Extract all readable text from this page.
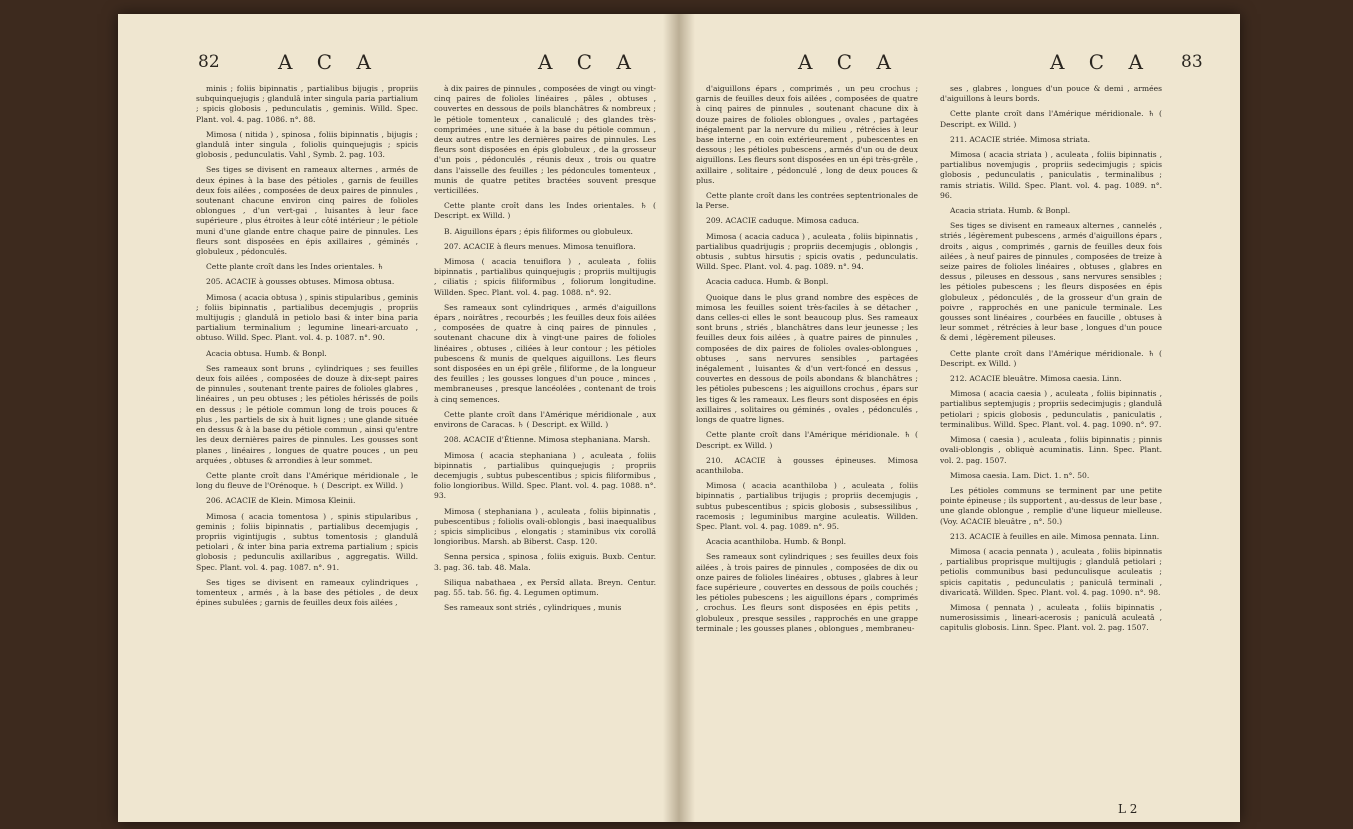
82	A C A	A C A

minis ; foliis bipinnatis , partialibus bijugis , propriis subquinquejugis ; glandulâ inter singula paria partialium ; spicis globosis , pedunculatis , geminis. Willd. Spec. Plant. vol. 4. pag. 1086. n°. 88.

Mimosa ( nitida ) , spinosa , foliis bipinnatis , bijugis ; glandulâ inter singula , foliolis quinquejugis ; spicis globosis , pedunculatis. Vahl , Symb. 2. pag. 103.

Ses tiges se divisent en rameaux alternes , armés de deux épines à la base des pétioles , garnis de feuilles deux fois ailées , composées de deux paires de pinnules , soutenant chacune environ cinq paires de folioles oblongues , d'un vert-gai , luisantes à leur face supérieure , plus étroites à leur côté intérieur ; le pétiole muni d'une glande entre chaque paire de pinnules. Les fleurs sont disposées en épis axillaires , géminés , globuleux , pédonculés.

Cette plante croît dans les Indes orientales. ♄

205. ACACIE à gousses obtuses. Mimosa obtusa.

Mimosa ( acacia obtusa ) , spinis stipularibus , geminis ; foliis bipinnatis , partialibus decemjugis , propriis multijugis ; glandulâ in petiolo basi & inter bina paria partialium terminalium ; legumine lineari-arcuato , obtuso. Willd. Spec. Plant. vol. 4. p. 1087. n°. 90.

Acacia obtusa. Humb. & Bonpl.

Ses rameaux sont bruns , cylindriques ; ses feuilles deux fois ailées , composées de douze à dix-sept paires de pinnules , soutenant trente paires de folioles glabres , linéaires , un peu obtuses ; les pétioles hérissés de poils en dessus ; le pétiole commun long de trois pouces & plus , les partiels de six à huit lignes ; une glande située en dessus & à la base du pétiole commun , ainsi qu'entre les deux dernières paires de pinnules. Les gousses sont planes , linéaires , longues de quatre pouces , un peu arquées , obtuses & arrondies à leur sommet.

Cette plante croît dans l'Amérique méridionale , le long du fleuve de l'Orénoque. ♄ ( Descript. ex Willd. )

206. ACACIE de Klein. Mimosa Kleinii.

Mimosa ( acacia tomentosa ) , spinis stipularibus , geminis ; foliis bipinnatis , partialibus decemjugis , propriis vigintijugis , subtus tomentosis ; glandulâ petiolari , & inter bina paria extrema partialium ; spicis globosis ; pedunculis axillaribus , aggregatis. Willd. Spec. Plant. vol. 4. pag. 1087. n°. 91.

Ses tiges se divisent en rameaux cylindriques , tomenteux , armés , à la base des pétioles , de deux épines subulées ; garnis de feuilles deux fois ailées ,

à dix paires de pinnules , composées de vingt ou vingt-cinq paires de folioles linéaires , pâles , obtuses , couvertes en dessous de poils blanchâtres & nombreux ; le pétiole tomenteux , canaliculé ; des glandes très-comprimées , une située à la base du pétiole commun , deux autres entre les dernières paires de pinnules. Les fleurs sont disposées en épis globuleux , de la grosseur d'un pois , pédonculés , réunis deux , trois ou quatre dans l'aisselle des feuilles ; les pédoncules tomenteux , munis de quatre petites bractées souvent presque verticillées.

Cette plante croît dans les Indes orientales. ♄ ( Descript. ex Willd. )

B. Aiguillons épars ; épis filiformes ou globuleux.

207. ACACIE à fleurs menues. Mimosa tenuiflora.

Mimosa ( acacia tenuiflora ) , aculeata , foliis bipinnatis , partialibus quinquejugis ; propriis multijugis , ciliatis ; spicis filiformibus , foliorum longitudine. Willden. Spec. Plant. vol. 4. pag. 1088. n°. 92.

Ses rameaux sont cylindriques , armés d'aiguillons épars , noirâtres , recourbés ; les feuilles deux fois ailées , composées de quatre à cinq paires de pinnules , soutenant chacune dix à vingt-une paires de folioles linéaires , obtuses , ciliées à leur contour ; les pétioles pubescens & munis de quelques aiguillons. Les fleurs sont disposées en un épi grêle , filiforme , de la longueur des feuilles ; les gousses longues d'un pouce , minces , membraneuses , presque lancéolées , contenant de trois à cinq semences.

Cette plante croît dans l'Amérique méridionale , aux environs de Caracas. ♄ ( Descript. ex Willd. )

208. ACACIE d'Étienne. Mimosa stephaniana. Marsh.

Mimosa ( acacia stephaniana ) , aculeata , foliis bipinnatis , partialibus quinquejugis ; propriis decemjugis , subtus pubescentibus ; spicis filiformibus , folio longioribus. Willd. Spec. Plant. vol. 4. pag. 1088. n°. 93.

Mimosa ( stephaniana ) , aculeata , foliis bipinnatis , pubescentibus ; foliolis ovali-oblongis , basi inaequalibus ; spicis simplicibus , elongatis ; staminibus vix corollâ longioribus. Marsh. ab Biberst. Casp. 120.

Senna persica , spinosa , foliis exiguis. Buxb. Centur. 3. pag. 36. tab. 48. Mala.

Siliqua nabathaea , ex Persîd allata. Breyn. Centur. pag. 55. tab. 56. fig. 4. Legumen optimum.

Ses rameaux sont striés , cylindriques , munis

A C A	A C A 83

d'aiguillons épars , comprimés , un peu crochus ; garnis de feuilles deux fois ailées , composées de quatre à cinq paires de pinnules , soutenant chacune dix à douze paires de folioles oblongues , ovales , partagées inégalement par la nervure du milieu , rétrécies à leur base interne , en coin extérieurement , pubescentes en dessous ; les pétioles pubescens , armés d'un ou de deux aiguillons. Les fleurs sont disposées en un épi très-grêle , axillaire , solitaire , pédonculé , long de deux pouces & plus.

Cette plante croît dans les contrées septentrionales de la Perse.

209. ACACIE caduque. Mimosa caduca.

Mimosa ( acacia caduca ) , aculeata , foliis bipinnatis , partialibus quadrijugis ; propriis decemjugis , oblongis , obtusis , subtus hirsutis ; spicis ovatis , pedunculatis. Willd. Spec. Plant. vol. 4. pag. 1089. n°. 94.

Acacia caduca. Humb. & Bonpl.

Quoique dans le plus grand nombre des espèces de mimosa les feuilles soient très-faciles à se détacher , dans celles-ci elles le sont beaucoup plus. Ses rameaux sont bruns , striés , blanchâtres dans leur jeunesse ; les feuilles deux fois ailées , à quatre paires de pinnules , composées de dix paires de folioles ovales-oblongues , obtuses , sans nervures sensibles , partagées inégalement , luisantes & d'un vert-foncé en dessus , couvertes en dessous de poils abondans & blanchâtres ; les pétioles pubescens ; les aiguillons crochus , épars sur les tiges & les rameaux. Les fleurs sont disposées en épis axillaires , solitaires ou géminés , ovales , pédonculés , longs de quatre lignes.

Cette plante croît dans l'Amérique méridionale. ♄ ( Descript. ex Willd. )

210. ACACIE à gousses épineuses. Mimosa acanthiloba.

Mimosa ( acacia acanthiloba ) , aculeata , foliis bipinnatis , partialibus trijugis ; propriis decemjugis , subtus pubescentibus ; spicis globosis , subsessilibus , racemosis ; leguminibus margine aculeatis. Willden. Spec. Plant. vol. 4. pag. 1089. n°. 95.

Acacia acanthiloba. Humb. & Bonpl.

Ses rameaux sont cylindriques ; ses feuilles deux fois ailées , à trois paires de pinnules , composées de dix ou onze paires de folioles linéaires , obtuses , glabres à leur face supérieure , couvertes en dessous de poils couchés ; les pétioles pubescens ; les aiguillons épars , comprimés , crochus. Les fleurs sont disposées en épis petits , globuleux , presque sessiles , rapprochés en une grappe terminale ; les gousses planes , oblongues , membraneu-

ses , glabres , longues d'un pouce & demi , armées d'aiguillons à leurs bords.

Cette plante croît dans l'Amérique méridionale. ♄ ( Descript. ex Willd. )

211. ACACIE striée. Mimosa striata.

Mimosa ( acacia striata ) , aculeata , foliis bipinnatis , partialibus novemjugis , propriis sedecimjugis ; spicis globosis , pedunculatis , paniculatis , terminalibus ; ramis striatis. Willd. Spec. Plant. vol. 4. pag. 1089. n°. 96.

Acacia striata. Humb. & Bonpl.

Ses tiges se divisent en rameaux alternes , cannelés , striés , légèrement pubescens , armés d'aiguillons épars , droits , aigus , comprimés , garnis de feuilles deux fois ailées , à neuf paires de pinnules , composées de treize à seize paires de folioles linéaires , obtuses , glabres en dessus , pileuses en dessous , sans nervures sensibles ; les pétioles pubescens ; les fleurs disposées en épis globuleux , pédonculés , de la grosseur d'un grain de poivre , rapprochés en une panicule terminale. Les gousses sont linéaires , courbées en faucille , obtuses à leur sommet , rétrécies à leur base , longues d'un pouce & demi , légèrement pileuses.

Cette plante croît dans l'Amérique méridionale. ♄ ( Descript. ex Willd. )

212. ACACIE bleuâtre. Mimosa caesia. Linn.

Mimosa ( acacia caesia ) , aculeata , foliis bipinnatis , partialibus septemjugis ; propriis sedecimjugis ; glandulâ petiolari ; spicis globosis , pedunculatis , paniculatis , terminalibus. Willd. Spec. Plant. vol. 4. pag. 1090. n°. 97.

Mimosa ( caesia ) , aculeata , foliis bipinnatis ; pinnis ovali-oblongis , obliquè acuminatis. Linn. Spec. Plant. vol. 2. pag. 1507.

Mimosa caesia. Lam. Dict. 1. n°. 50.

Les pétioles communs se terminent par une petite pointe épineuse ; ils supportent , au-dessus de leur base , une glande oblongue , remplie d'une liqueur mielleuse. (Voy. ACACIE bleuâtre , n°. 50.)

213. ACACIE à feuilles en aile. Mimosa pennata. Linn.

Mimosa ( acacia pennata ) , aculeata , foliis bipinnatis , partialibus proprisque multijugis ; glandulâ petiolari ; petiolis communibus basi pedunculisque aculeatis ; spicis capitatis , pedunculatis ; paniculâ terminali , divaricatâ. Willden. Spec. Plant. vol. 4. pag. 1090. n°. 98.

Mimosa ( pennata ) , aculeata , foliis bipinnatis , numerosissimis , lineari-acerosis ; paniculâ aculeatâ , capitulis globosis. Linn. Spec. Plant. vol. 2. pag. 1507.

L 2
